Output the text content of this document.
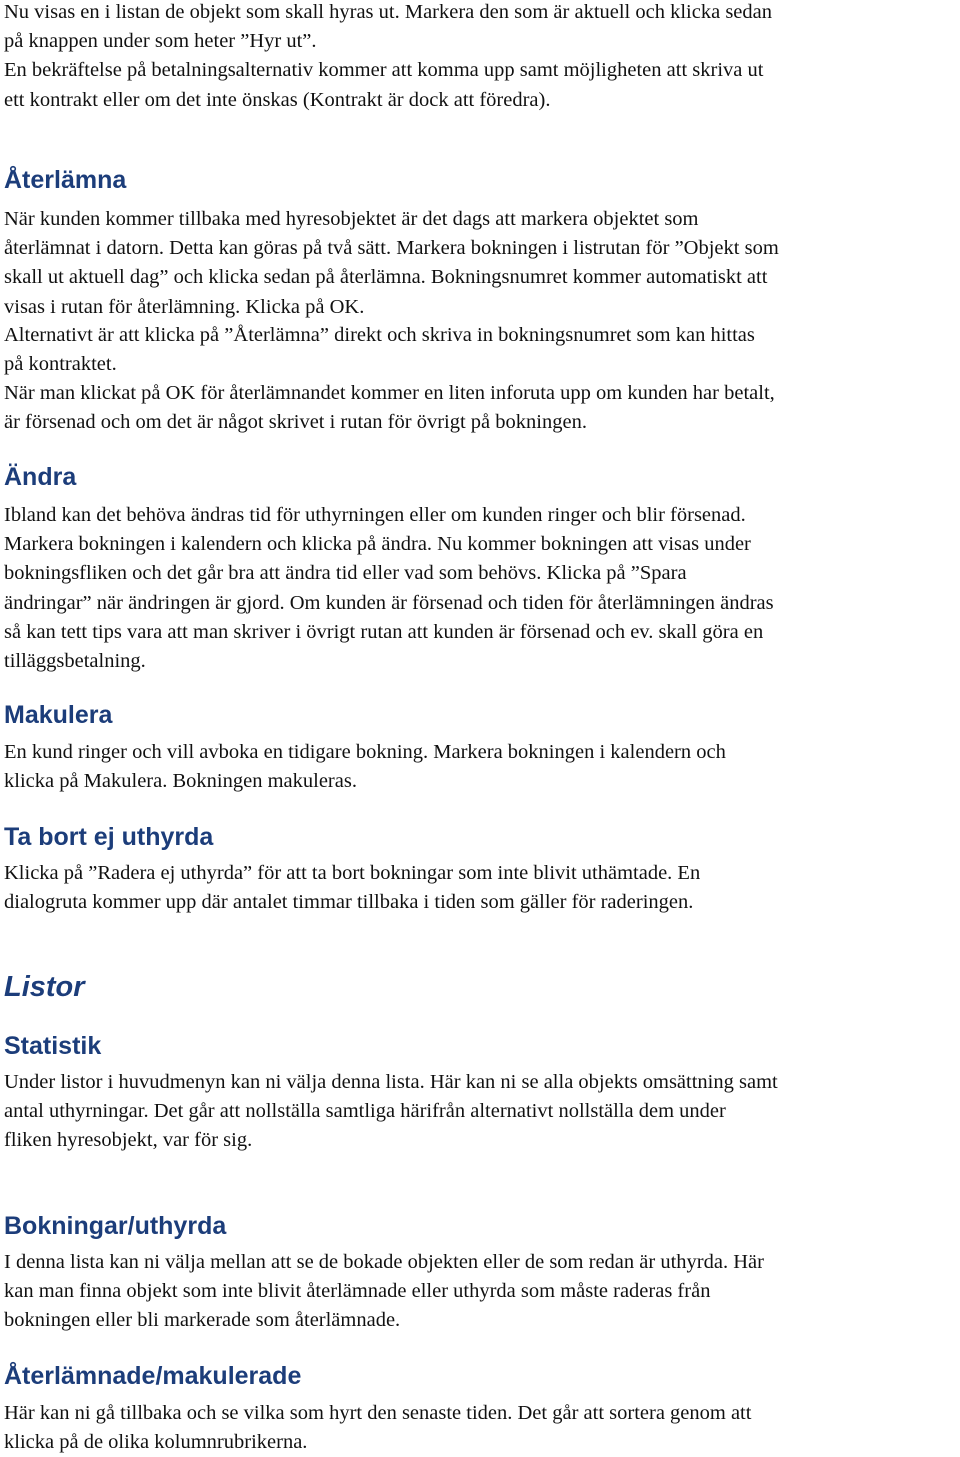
Nu visas en i listan de objekt som skall hyras ut. Markera den som är aktuell och klicka sedan
på knappen under som heter ”Hyr ut”.
En bekräftelse på betalningsalternativ kommer att komma upp samt möjligheten att skriva ut
ett kontrakt eller om det inte önskas (Kontrakt är dock att föredra).

Återlämna

När kunden kommer tillbaka med hyresobjektet är det dags att markera objektet som
återlämnat i datorn. Detta kan göras på två sätt. Markera bokningen i listrutan för ”Objekt som
skall ut aktuell dag” och klicka sedan på återlämna. Bokningsnumret kommer automatiskt att
visas i rutan för återlämning. Klicka på OK.

Alternativt är att klicka på ”Återlämna” direkt och skriva in bokningsnumret som kan hittas
på kontraktet.

När man klickat på OK för återlämnandet kommer en liten inforuta upp om kunden har betalt,
är försenad och om det är något skrivet i rutan för övrigt på bokningen.

Ändra

Ibland kan det behöva ändras tid för uthyrningen eller om kunden ringer och blir försenad.
Markera bokningen i kalendern och klicka på ändra. Nu kommer bokningen att visas under
bokningsfliken och det går bra att ändra tid eller vad som behövs. Klicka på ”Spara
ändringar” när ändringen är gjord. Om kunden är försenad och tiden för återlämningen ändras
så kan tett tips vara att man skriver i övrigt rutan att kunden är försenad och ev. skall göra en
tilläggsbetalning.

Makulera

En kund ringer och vill avboka en tidigare bokning. Markera bokningen i kalendern och
klicka på Makulera. Bokningen makuleras.

Ta bort ej uthyrda

Klicka på ”Radera ej uthyrda” för att ta bort bokningar som inte blivit uthämtade. En
dialogruta kommer upp där antalet timmar tillbaka i tiden som gäller för raderingen.

Listor
Statistik

Under listor i huvudmenyn kan ni välja denna lista. Här kan ni se alla objekts omsättning samt
antal uthyrningar. Det går att nollställa samtliga härifrån alternativt nollställa dem under
fliken hyresobjekt, var för sig.

Bokningar/uthyrda

I denna lista kan ni välja mellan att se de bokade objekten eller de som redan är uthyrda. Här
kan man finna objekt som inte blivit återlämnade eller uthyrda som måste raderas från
bokningen eller bli markerade som återlämnade.

Återlämnade/makulerade

Här kan ni gå tillbaka och se vilka som hyrt den senaste tiden. Det går att sortera genom att
klicka på de olika kolumnrubrikerna.
